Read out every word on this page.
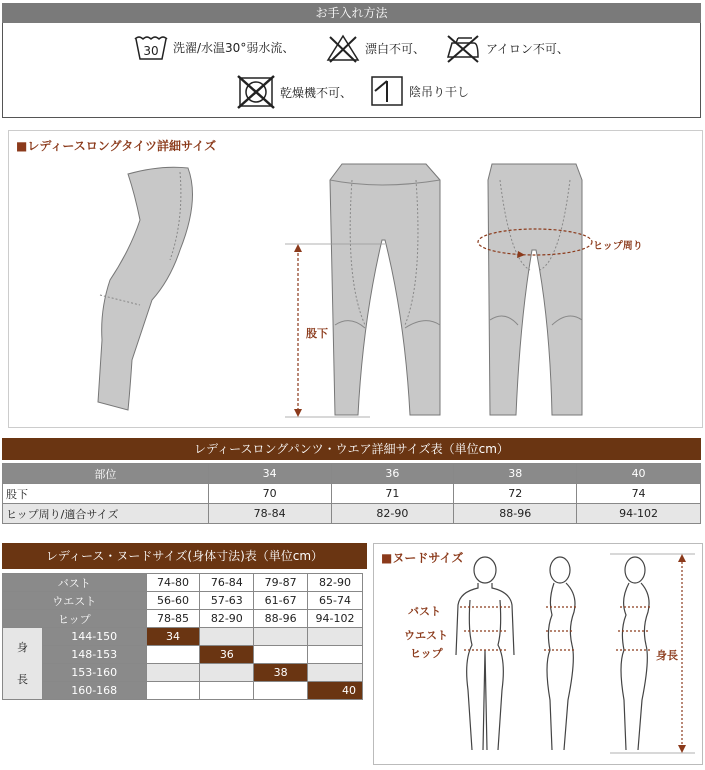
お手入れ方法
30 洗濯/水温30°弱水流、	漂白不可、	アイロン不可、
乾燥機不可、	陰吊り干し
■レディースロングタイツ詳細サイズ
股下
ヒップ周り
レディースロングパンツ・ウエア詳細サイズ表（単位cm）
部位	34	36	38	40
股下	70	71	72	74
ヒップ周り/適合サイズ	78-84	82-90	88-96	94-102
レディース・ヌードサイズ(身体寸法)表（単位cm）
バスト		74-80	76-84	79-87	82-90
ウエスト		56-60	57-63	61-67	65-74
ヒップ		78-85	82-90	88-96	94-102
身

長	144-150	34			
	148-153		36		
	153-160			38	
	160-168				40
■ヌードサイズ
バスト
ウエスト
ヒップ	身長
